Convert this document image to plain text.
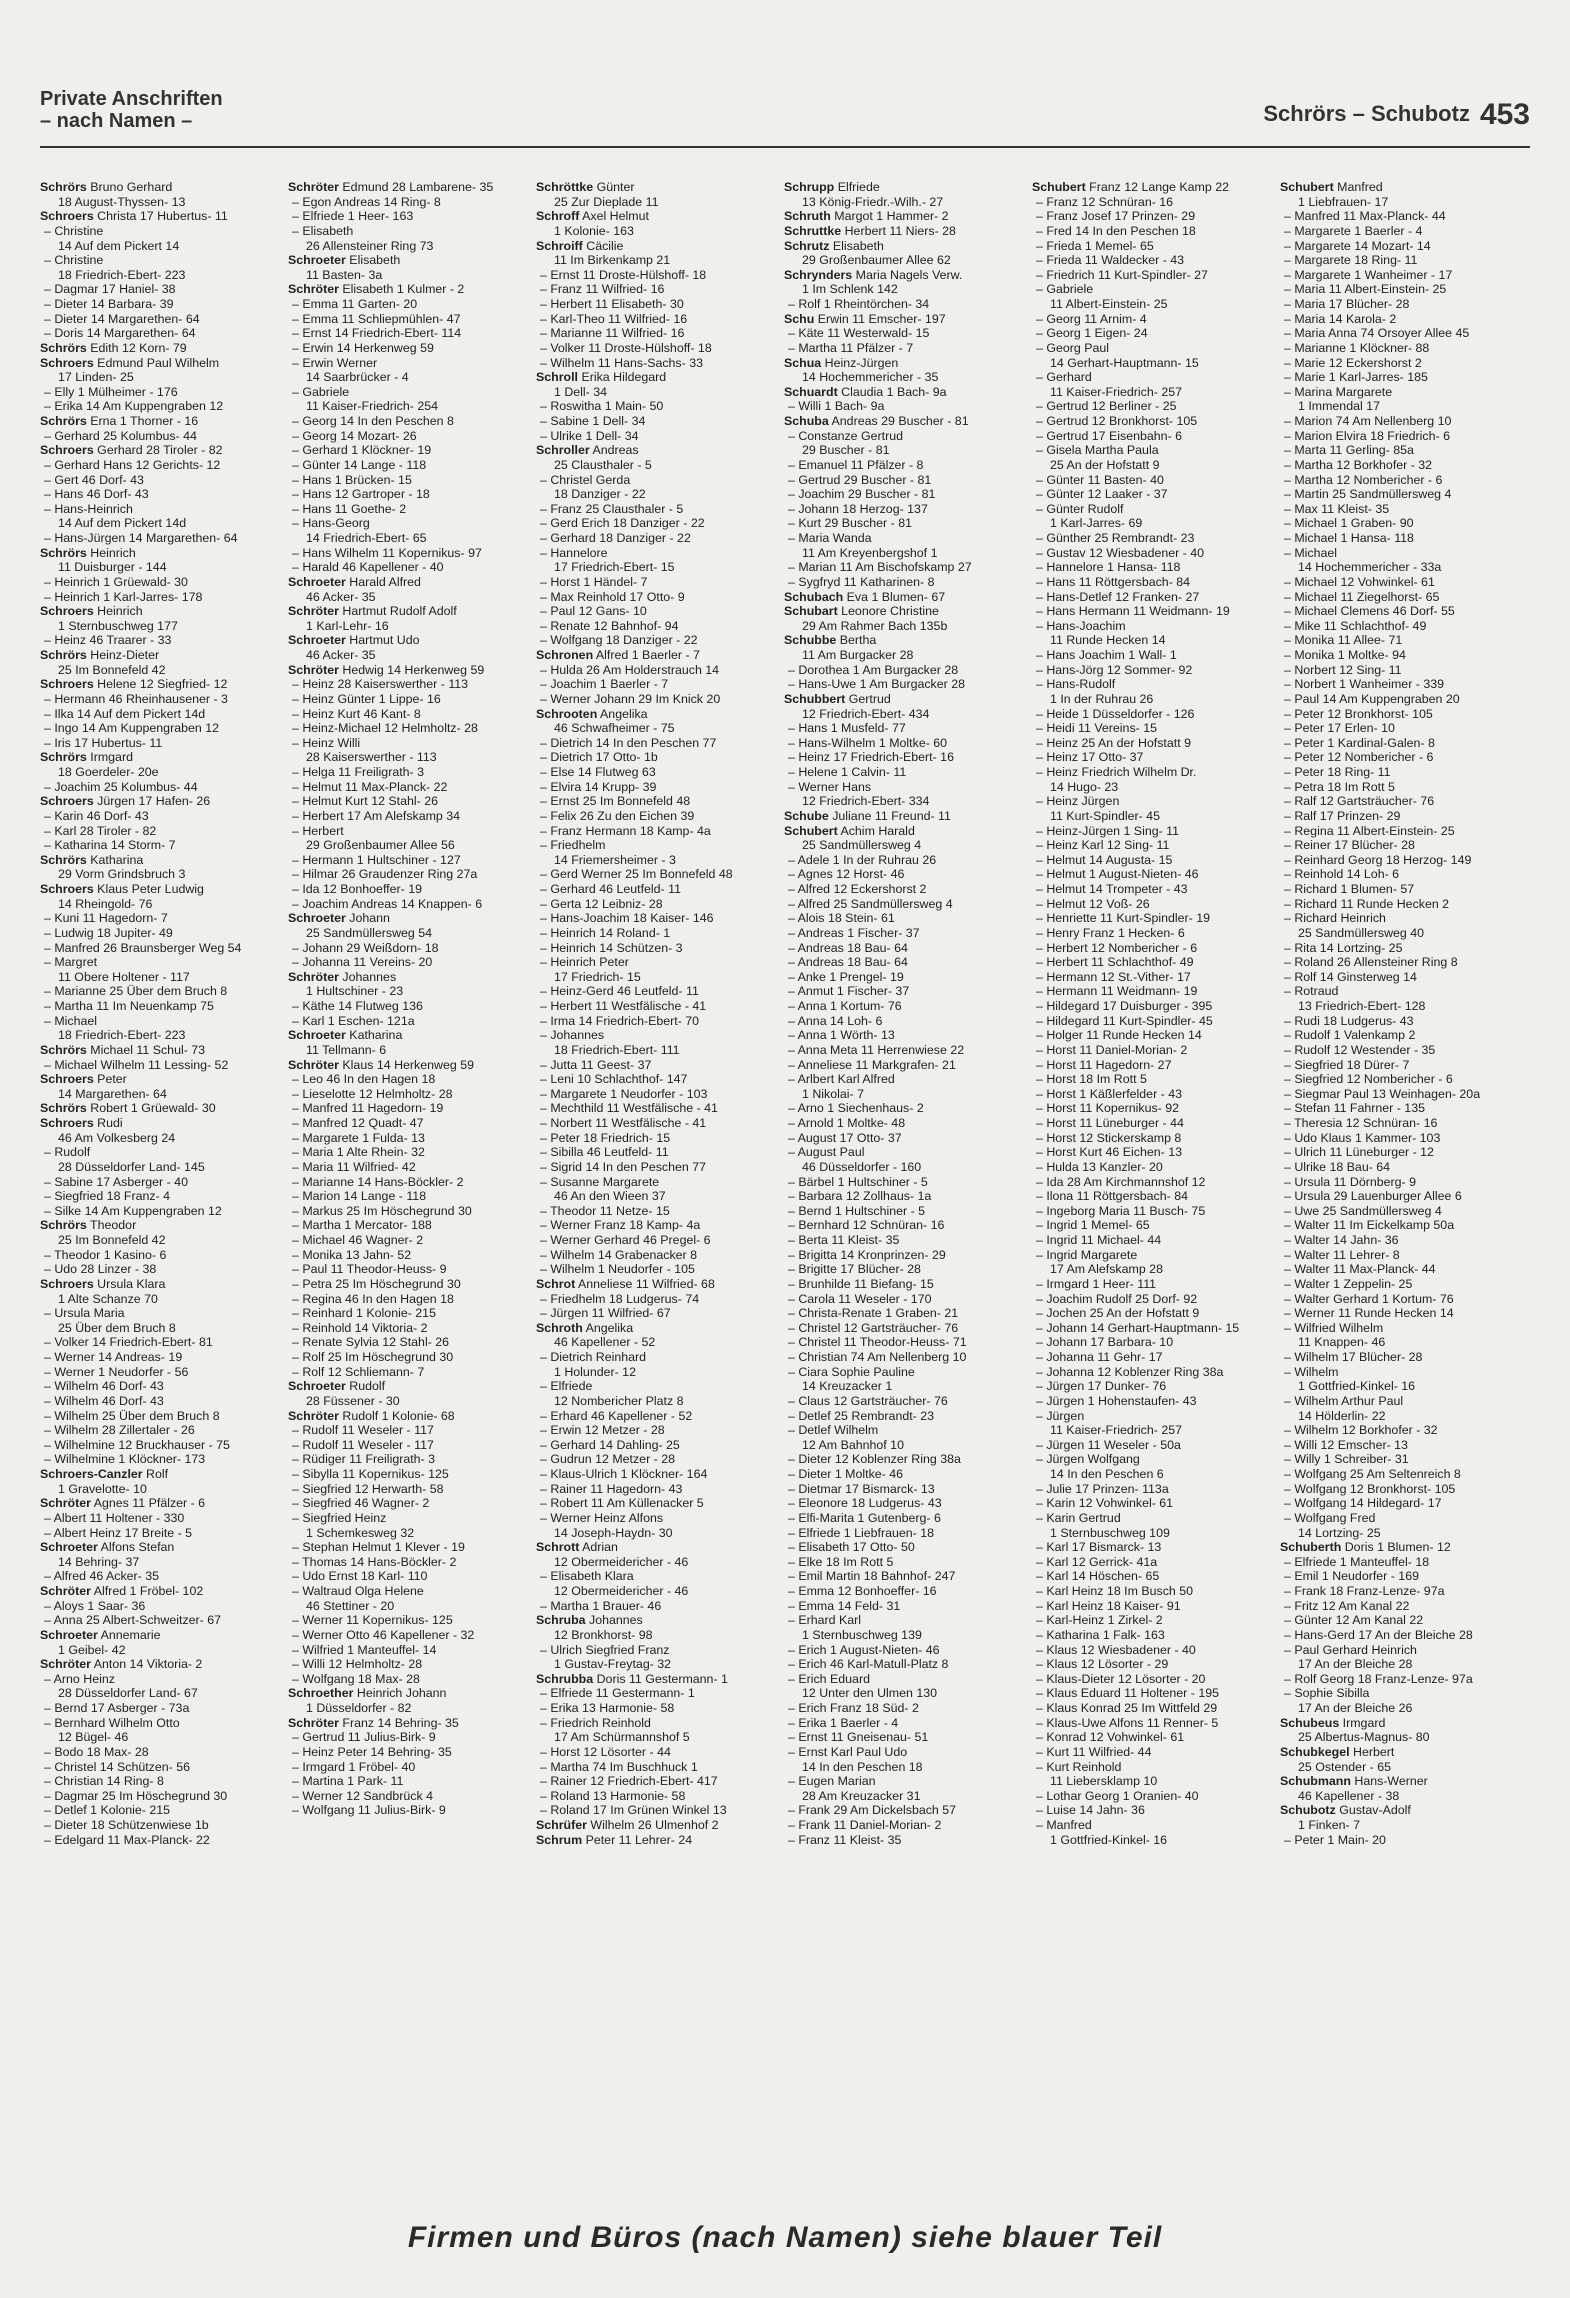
Private Anschriften
– nach Namen –	Schrörs – Schubotz 453
Schrörs Bruno Gerhard
18 August-Thyssen- 13
Schroers Christa 17 Hubertus- 11
– Christine
14 Auf dem Pickert 14
– Christine
18 Friedrich-Ebert- 223
– Dagmar 17 Haniel- 38
– Dieter 14 Barbara- 39
– Dieter 14 Margarethen- 64
– Doris 14 Margarethen- 64
Schrörs Edith 12 Korn- 79
Schroers Edmund Paul Wilhelm
17 Linden- 25
– Elly 1 Mülheimer - 176
– Erika 14 Am Kuppengraben 12
Schrörs Erna 1 Thorner - 16
– Gerhard 25 Kolumbus- 44
Schroers Gerhard 28 Tiroler - 82
– Gerhard Hans 12 Gerichts- 12
– Gert 46 Dorf- 43
– Hans 46 Dorf- 43
– Hans-Heinrich
14 Auf dem Pickert 14d
– Hans-Jürgen 14 Margarethen- 64
Schrörs Heinrich
11 Duisburger - 144
– Heinrich 1 Grüewald- 30
– Heinrich 1 Karl-Jarres- 178
Schroers Heinrich
1 Sternbuschweg 177
– Heinz 46 Traarer - 33
Schrörs Heinz-Dieter
25 Im Bonnefeld 42
Schroers Helene 12 Siegfried- 12
– Hermann 46 Rheinhausener - 3
– Ilka 14 Auf dem Pickert 14d
– Ingo 14 Am Kuppengraben 12
– Iris 17 Hubertus- 11
Schrörs Irmgard
18 Goerdeler- 20e
– Joachim 25 Kolumbus- 44
Schroers Jürgen 17 Hafen- 26
– Karin 46 Dorf- 43
– Karl 28 Tiroler - 82
– Katharina 14 Storm- 7
Schrörs Katharina
29 Vorm Grindsbruch 3
Schroers Klaus Peter Ludwig
14 Rheingold- 76
– Kuni 11 Hagedorn- 7
– Ludwig 18 Jupiter- 49
– Manfred 26 Braunsberger Weg 54
– Margret
11 Obere Holtener - 117
– Marianne 25 Über dem Bruch 8
– Martha 11 Im Neuenkamp 75
– Michael
18 Friedrich-Ebert- 223
Schrörs Michael 11 Schul- 73
– Michael Wilhelm 11 Lessing- 52
Schroers Peter
14 Margarethen- 64
Schrörs Robert 1 Grüewald- 30
Schroers Rudi
46 Am Volkesberg 24
– Rudolf
28 Düsseldorfer Land- 145
– Sabine 17 Asberger - 40
– Siegfried 18 Franz- 4
– Silke 14 Am Kuppengraben 12
Schrörs Theodor
25 Im Bonnefeld 42
– Theodor 1 Kasino- 6
– Udo 28 Linzer - 38
Schroers Ursula Klara
1 Alte Schanze 70
– Ursula Maria
25 Über dem Bruch 8
– Volker 14 Friedrich-Ebert- 81
– Werner 14 Andreas- 19
– Werner 1 Neudorfer - 56
– Wilhelm 46 Dorf- 43
– Wilhelm 46 Dorf- 43
– Wilhelm 25 Über dem Bruch 8
– Wilhelm 28 Zillertaler - 26
– Wilhelmine 12 Bruckhauser - 75
– Wilhelmine 1 Klöckner- 173
Schroers-Canzler Rolf
1 Gravelotte- 10
Schröter Agnes 11 Pfälzer - 6
– Albert 11 Holtener - 330
– Albert Heinz 17 Breite - 5
Schroeter Alfons Stefan
14 Behring- 37
– Alfred 46 Acker- 35
Schröter Alfred 1 Fröbel- 102
– Aloys 1 Saar- 36
– Anna 25 Albert-Schweitzer- 67
Schroeter Annemarie
1 Geibel- 42
Schröter Anton 14 Viktoria- 2
– Arno Heinz
28 Düsseldorfer Land- 67
– Bernd 17 Asberger - 73a
– Bernhard Wilhelm Otto
12 Bügel- 46
– Bodo 18 Max- 28
– Christel 14 Schützen- 56
– Christian 14 Ring- 8
– Dagmar 25 Im Höschegrund 30
– Detlef 1 Kolonie- 215
– Dieter 18 Schützenwiese 1b
– Edelgard 11 Max-Planck- 22
Schröter Edmund 28 Lambarene- 35
– Egon Andreas 14 Ring- 8
– Elfriede 1 Heer- 163
– Elisabeth
26 Allensteiner Ring 73
Schroeter Elisabeth
11 Basten- 3a
Schröter Elisabeth 1 Kulmer - 2
– Emma 11 Garten- 20
– Emma 11 Schliepmühlen- 47
– Ernst 14 Friedrich-Ebert- 114
– Erwin 14 Herkenweg 59
– Erwin Werner
14 Saarbrücker - 4
– Gabriele
11 Kaiser-Friedrich- 254
– Georg 14 In den Peschen 8
– Georg 14 Mozart- 26
– Gerhard 1 Klöckner- 19
– Günter 14 Lange - 118
– Hans 1 Brücken- 15
– Hans 12 Gartroper - 18
– Hans 11 Goethe- 2
– Hans-Georg
14 Friedrich-Ebert- 65
– Hans Wilhelm 11 Kopernikus- 97
– Harald 46 Kapellener - 40
Schroeter Harald Alfred
46 Acker- 35
Schröter Hartmut Rudolf Adolf
1 Karl-Lehr- 16
Schroeter Hartmut Udo
46 Acker- 35
Schröter Hedwig 14 Herkenweg 59
– Heinz 28 Kaiserswerther - 113
– Heinz Günter 1 Lippe- 16
– Heinz Kurt 46 Kant- 8
– Heinz-Michael 12 Helmholtz- 28
– Heinz Willi
28 Kaiserswerther - 113
– Helga 11 Freiligrath- 3
– Helmut 11 Max-Planck- 22
– Helmut Kurt 12 Stahl- 26
– Herbert 17 Am Alefskamp 34
– Herbert
29 Großenbaumer Allee 56
– Hermann 1 Hultschiner - 127
– Hilmar 26 Graudenzer Ring 27a
– Ida 12 Bonhoeffer- 19
– Joachim Andreas 14 Knappen- 6
Schroeter Johann
25 Sandmüllersweg 54
– Johann 29 Weißdorn- 18
– Johanna 11 Vereins- 20
Schröter Johannes
1 Hultschiner - 23
– Käthe 14 Flutweg 136
– Karl 1 Eschen- 121a
Schroeter Katharina
11 Tellmann- 6
Schröter Klaus 14 Herkenweg 59
– Leo 46 In den Hagen 18
– Lieselotte 12 Helmholtz- 28
– Manfred 11 Hagedorn- 19
– Manfred 12 Quadt- 47
– Margarete 1 Fulda- 13
– Maria 1 Alte Rhein- 32
– Maria 11 Wilfried- 42
– Marianne 14 Hans-Böckler- 2
– Marion 14 Lange - 118
– Markus 25 Im Höschegrund 30
– Martha 1 Mercator- 188
– Michael 46 Wagner- 2
– Monika 13 Jahn- 52
– Paul 11 Theodor-Heuss- 9
– Petra 25 Im Höschegrund 30
– Regina 46 In den Hagen 18
– Reinhard 1 Kolonie- 215
– Reinhold 14 Viktoria- 2
– Renate Sylvia 12 Stahl- 26
– Rolf 25 Im Höschegrund 30
– Rolf 12 Schliemann- 7
Schroeter Rudolf
28 Füssener - 30
Schröter Rudolf 1 Kolonie- 68
– Rudolf 11 Weseler - 117
– Rudolf 11 Weseler - 117
– Rüdiger 11 Freiligrath- 3
– Sibylla 11 Kopernikus- 125
– Siegfried 12 Herwarth- 58
– Siegfried 46 Wagner- 2
– Siegfried Heinz
1 Schemkesweg 32
– Stephan Helmut 1 Klever - 19
– Thomas 14 Hans-Böckler- 2
– Udo Ernst 18 Karl- 110
– Waltraud Olga Helene
46 Stettiner - 20
– Werner 11 Kopernikus- 125
– Werner Otto 46 Kapellener - 32
– Wilfried 1 Manteuffel- 14
– Willi 12 Helmholtz- 28
– Wolfgang 18 Max- 28
Schroether Heinrich Johann
1 Düsseldorfer - 82
Schröter Franz 14 Behring- 35
– Gertrud 11 Julius-Birk- 9
– Heinz Peter 14 Behring- 35
– Irmgard 1 Fröbel- 40
– Martina 1 Park- 11
– Werner 12 Sandbrück 4
– Wolfgang 11 Julius-Birk- 9
Schröttke Günter
25 Zur Dieplade 11
Schroff Axel Helmut
1 Kolonie- 163
Schroiff Cäcilie
11 Im Birkenkamp 21
– Ernst 11 Droste-Hülshoff- 18
– Franz 11 Wilfried- 16
– Herbert 11 Elisabeth- 30
– Karl-Theo 11 Wilfried- 16
– Marianne 11 Wilfried- 16
– Volker 11 Droste-Hülshoff- 18
– Wilhelm 11 Hans-Sachs- 33
Schroll Erika Hildegard
1 Dell- 34
– Roswitha 1 Main- 50
– Sabine 1 Dell- 34
– Ulrike 1 Dell- 34
Schroller Andreas
25 Clausthaler - 5
– Christel Gerda
18 Danziger - 22
– Franz 25 Clausthaler - 5
– Gerd Erich 18 Danziger - 22
– Gerhard 18 Danziger - 22
– Hannelore
17 Friedrich-Ebert- 15
– Horst 1 Händel- 7
– Max Reinhold 17 Otto- 9
– Paul 12 Gans- 10
– Renate 12 Bahnhof- 94
– Wolfgang 18 Danziger - 22
Schronen Alfred 1 Baerler - 7
– Hulda 26 Am Holderstrauch 14
– Joachim 1 Baerler - 7
– Werner Johann 29 Im Knick 20
Schrooten Angelika
46 Schwafheimer - 75
– Dietrich 14 In den Peschen 77
– Dietrich 17 Otto- 1b
– Else 14 Flutweg 63
– Elvira 14 Krupp- 39
– Ernst 25 Im Bonnefeld 48
– Felix 26 Zu den Eichen 39
– Franz Hermann 18 Kamp- 4a
– Friedhelm
14 Friemersheimer - 3
– Gerd Werner 25 Im Bonnefeld 48
– Gerhard 46 Leutfeld- 11
– Gerta 12 Leibniz- 28
– Hans-Joachim 18 Kaiser- 146
– Heinrich 14 Roland- 1
– Heinrich 14 Schützen- 3
– Heinrich Peter
17 Friedrich- 15
– Heinz-Gerd 46 Leutfeld- 11
– Herbert 11 Westfälische - 41
– Irma 14 Friedrich-Ebert- 70
– Johannes
18 Friedrich-Ebert- 111
– Jutta 11 Geest- 37
– Leni 10 Schlachthof- 147
– Margarete 1 Neudorfer - 103
– Mechthild 11 Westfälische - 41
– Norbert 11 Westfälische - 41
– Peter 18 Friedrich- 15
– Sibilla 46 Leutfeld- 11
– Sigrid 14 In den Peschen 77
– Susanne Margarete
46 An den Wieen 37
– Theodor 11 Netze- 15
– Werner Franz 18 Kamp- 4a
– Werner Gerhard 46 Pregel- 6
– Wilhelm 14 Grabenacker 8
– Wilhelm 1 Neudorfer - 105
Schrot Anneliese 11 Wilfried- 68
– Friedhelm 18 Ludgerus- 74
– Jürgen 11 Wilfried- 67
Schroth Angelika
46 Kapellener - 52
– Dietrich Reinhard
1 Holunder- 12
– Elfriede
12 Nombericher Platz 8
– Erhard 46 Kapellener - 52
– Erwin 12 Metzer - 28
– Gerhard 14 Dahling- 25
– Gudrun 12 Metzer - 28
– Klaus-Ulrich 1 Klöckner- 164
– Rainer 11 Hagedorn- 43
– Robert 11 Am Küllenacker 5
– Werner Heinz Alfons
14 Joseph-Haydn- 30
Schrott Adrian
12 Obermeidericher - 46
– Elisabeth Klara
12 Obermeidericher - 46
– Martha 1 Brauer- 46
Schruba Johannes
12 Bronkhorst- 98
– Ulrich Siegfried Franz
1 Gustav-Freytag- 32
Schrubba Doris 11 Gestermann- 1
– Elfriede 11 Gestermann- 1
– Erika 13 Harmonie- 58
– Friedrich Reinhold
17 Am Schürmannshof 5
– Horst 12 Lösorter - 44
– Martha 74 Im Buschhuck 1
– Rainer 12 Friedrich-Ebert- 417
– Roland 13 Harmonie- 58
– Roland 17 Im Grünen Winkel 13
Schrüfer Wilhelm 26 Ulmenhof 2
Schrum Peter 11 Lehrer- 24
Schrupp Elfriede
13 König-Friedr.-Wilh.- 27
Schruth Margot 1 Hammer- 2
Schruttke Herbert 11 Niers- 28
Schrutz Elisabeth
29 Großenbaumer Allee 62
Schrynders Maria Nagels Verw.
1 Im Schlenk 142
– Rolf 1 Rheintörchen- 34
Schu Erwin 11 Emscher- 197
– Käte 11 Westerwald- 15
– Martha 11 Pfälzer - 7
Schua Heinz-Jürgen
14 Hochemmericher - 35
Schuardt Claudia 1 Bach- 9a
– Willi 1 Bach- 9a
Schuba Andreas 29 Buscher - 81
– Constanze Gertrud
29 Buscher - 81
– Emanuel 11 Pfälzer - 8
– Gertrud 29 Buscher - 81
– Joachim 29 Buscher - 81
– Johann 18 Herzog- 137
– Kurt 29 Buscher - 81
– Maria Wanda
11 Am Kreyenbergshof 1
– Marian 11 Am Bischofskamp 27
– Sygfryd 11 Katharinen- 8
Schubach Eva 1 Blumen- 67
Schubart Leonore Christine
29 Am Rahmer Bach 135b
Schubbe Bertha
11 Am Burgacker 28
– Dorothea 1 Am Burgacker 28
– Hans-Uwe 1 Am Burgacker 28
Schubbert Gertrud
12 Friedrich-Ebert- 434
– Hans 1 Musfeld- 77
– Hans-Wilhelm 1 Moltke- 60
– Heinz 17 Friedrich-Ebert- 16
– Helene 1 Calvin- 11
– Werner Hans
12 Friedrich-Ebert- 334
Schube Juliane 11 Freund- 11
Schubert Achim Harald
25 Sandmüllersweg 4
– Adele 1 In der Ruhrau 26
– Agnes 12 Horst- 46
– Alfred 12 Eckershorst 2
– Alfred 25 Sandmüllersweg 4
– Alois 18 Stein- 61
– Andreas 1 Fischer- 37
– Andreas 18 Bau- 64
– Andreas 18 Bau- 64
– Anke 1 Prengel- 19
– Anmut 1 Fischer- 37
– Anna 1 Kortum- 76
– Anna 14 Loh- 6
– Anna 1 Wörth- 13
– Anna Meta 11 Herrenwiese 22
– Anneliese 11 Markgrafen- 21
– Arlbert Karl Alfred
1 Nikolai- 7
– Arno 1 Siechenhaus- 2
– Arnold 1 Moltke- 48
– August 17 Otto- 37
– August Paul
46 Düsseldorfer - 160
– Bärbel 1 Hultschiner - 5
– Barbara 12 Zollhaus- 1a
– Bernd 1 Hultschiner - 5
– Bernhard 12 Schnüran- 16
– Berta 11 Kleist- 35
– Brigitta 14 Kronprinzen- 29
– Brigitte 17 Blücher- 28
– Brunhilde 11 Biefang- 15
– Carola 11 Weseler - 170
– Christa-Renate 1 Graben- 21
– Christel 12 Gartsträucher- 76
– Christel 11 Theodor-Heuss- 71
– Christian 74 Am Nellenberg 10
– Ciara Sophie Pauline
14 Kreuzacker 1
– Claus 12 Gartsträucher- 76
– Detlef 25 Rembrandt- 23
– Detlef Wilhelm
12 Am Bahnhof 10
– Dieter 12 Koblenzer Ring 38a
– Dieter 1 Moltke- 46
– Dietmar 17 Bismarck- 13
– Eleonore 18 Ludgerus- 43
– Elfi-Marita 1 Gutenberg- 6
– Elfriede 1 Liebfrauen- 18
– Elisabeth 17 Otto- 50
– Elke 18 Im Rott 5
– Emil Martin 18 Bahnhof- 247
– Emma 12 Bonhoeffer- 16
– Emma 14 Feld- 31
– Erhard Karl
1 Sternbuschweg 139
– Erich 1 August-Nieten- 46
– Erich 46 Karl-Matull-Platz 8
– Erich Eduard
12 Unter den Ulmen 130
– Erich Franz 18 Süd- 2
– Erika 1 Baerler - 4
– Ernst 11 Gneisenau- 51
– Ernst Karl Paul Udo
14 In den Peschen 18
– Eugen Marian
28 Am Kreuzacker 31
– Frank 29 Am Dickelsbach 57
– Frank 11 Daniel-Morian- 2
– Franz 11 Kleist- 35
Schubert Franz 12 Lange Kamp 22
– Franz 12 Schnüran- 16
– Franz Josef 17 Prinzen- 29
– Fred 14 In den Peschen 18
– Frieda 1 Memel- 65
– Frieda 11 Waldecker - 43
– Friedrich 11 Kurt-Spindler- 27
– Gabriele
11 Albert-Einstein- 25
– Georg 11 Arnim- 4
– Georg 1 Eigen- 24
– Georg Paul
14 Gerhart-Hauptmann- 15
– Gerhard
11 Kaiser-Friedrich- 257
– Gertrud 12 Berliner - 25
– Gertrud 12 Bronkhorst- 105
– Gertrud 17 Eisenbahn- 6
– Gisela Martha Paula
25 An der Hofstatt 9
– Günter 11 Basten- 40
– Günter 12 Laaker - 37
– Günter Rudolf
1 Karl-Jarres- 69
– Günther 25 Rembrandt- 23
– Gustav 12 Wiesbadener - 40
– Hannelore 1 Hansa- 118
– Hans 11 Röttgersbach- 84
– Hans-Detlef 12 Franken- 27
– Hans Hermann 11 Weidmann- 19
– Hans-Joachim
11 Runde Hecken 14
– Hans Joachim 1 Wall- 1
– Hans-Jörg 12 Sommer- 92
– Hans-Rudolf
1 In der Ruhrau 26
– Heide 1 Düsseldorfer - 126
– Heidi 11 Vereins- 15
– Heinz 25 An der Hofstatt 9
– Heinz 17 Otto- 37
– Heinz Friedrich Wilhelm Dr.
14 Hugo- 23
– Heinz Jürgen
11 Kurt-Spindler- 45
– Heinz-Jürgen 1 Sing- 11
– Heinz Karl 12 Sing- 11
– Helmut 14 Augusta- 15
– Helmut 1 August-Nieten- 46
– Helmut 14 Trompeter - 43
– Helmut 12 Voß- 26
– Henriette 11 Kurt-Spindler- 19
– Henry Franz 1 Hecken- 6
– Herbert 12 Nombericher - 6
– Herbert 11 Schlachthof- 49
– Hermann 12 St.-Vither- 17
– Hermann 11 Weidmann- 19
– Hildegard 17 Duisburger - 395
– Hildegard 11 Kurt-Spindler- 45
– Holger 11 Runde Hecken 14
– Horst 11 Daniel-Morian- 2
– Horst 11 Hagedorn- 27
– Horst 18 Im Rott 5
– Horst 1 Käßlerfelder - 43
– Horst 11 Kopernikus- 92
– Horst 11 Lüneburger - 44
– Horst 12 Stickerskamp 8
– Horst Kurt 46 Eichen- 13
– Hulda 13 Kanzler- 20
– Ida 28 Am Kirchmannshof 12
– Ilona 11 Röttgersbach- 84
– Ingeborg Maria 11 Busch- 75
– Ingrid 1 Memel- 65
– Ingrid 11 Michael- 44
– Ingrid Margarete
17 Am Alefskamp 28
– Irmgard 1 Heer- 111
– Joachim Rudolf 25 Dorf- 92
– Jochen 25 An der Hofstatt 9
– Johann 14 Gerhart-Hauptmann- 15
– Johann 17 Barbara- 10
– Johanna 11 Gehr- 17
– Johanna 12 Koblenzer Ring 38a
– Jürgen 17 Dunker- 76
– Jürgen 1 Hohenstaufen- 43
– Jürgen
11 Kaiser-Friedrich- 257
– Jürgen 11 Weseler - 50a
– Jürgen Wolfgang
14 In den Peschen 6
– Julie 17 Prinzen- 113a
– Karin 12 Vohwinkel- 61
– Karin Gertrud
1 Sternbuschweg 109
– Karl 17 Bismarck- 13
– Karl 12 Gerrick- 41a
– Karl 14 Höschen- 65
– Karl Heinz 18 Im Busch 50
– Karl Heinz 18 Kaiser- 91
– Karl-Heinz 1 Zirkel- 2
– Katharina 1 Falk- 163
– Klaus 12 Wiesbadener - 40
– Klaus 12 Lösorter - 29
– Klaus-Dieter 12 Lösorter - 20
– Klaus Eduard 11 Holtener - 195
– Klaus Konrad 25 Im Wittfeld 29
– Klaus-Uwe Alfons 11 Renner- 5
– Konrad 12 Vohwinkel- 61
– Kurt 11 Wilfried- 44
– Kurt Reinhold
11 Liebersklamp 10
– Lothar Georg 1 Oranien- 40
– Luise 14 Jahn- 36
– Manfred
1 Gottfried-Kinkel- 16
Schubert Manfred
1 Liebfrauen- 17
– Manfred 11 Max-Planck- 44
– Margarete 1 Baerler - 4
– Margarete 14 Mozart- 14
– Margarete 18 Ring- 11
– Margarete 1 Wanheimer - 17
– Maria 11 Albert-Einstein- 25
– Maria 17 Blücher- 28
– Maria 14 Karola- 2
– Maria Anna 74 Orsoyer Allee 45
– Marianne 1 Klöckner- 88
– Marie 12 Eckershorst 2
– Marie 1 Karl-Jarres- 185
– Marina Margarete
1 Immendal 17
– Marion 74 Am Nellenberg 10
– Marion Elvira 18 Friedrich- 6
– Marta 11 Gerling- 85a
– Martha 12 Borkhofer - 32
– Martha 12 Nombericher - 6
– Martin 25 Sandmüllersweg 4
– Max 11 Kleist- 35
– Michael 1 Graben- 90
– Michael 1 Hansa- 118
– Michael
14 Hochemmericher - 33a
– Michael 12 Vohwinkel- 61
– Michael 11 Ziegelhorst- 65
– Michael Clemens 46 Dorf- 55
– Mike 11 Schlachthof- 49
– Monika 11 Allee- 71
– Monika 1 Moltke- 94
– Norbert 12 Sing- 11
– Norbert 1 Wanheimer - 339
– Paul 14 Am Kuppengraben 20
– Peter 12 Bronkhorst- 105
– Peter 17 Erlen- 10
– Peter 1 Kardinal-Galen- 8
– Peter 12 Nombericher - 6
– Peter 18 Ring- 11
– Petra 18 Im Rott 5
– Ralf 12 Gartsträucher- 76
– Ralf 17 Prinzen- 29
– Regina 11 Albert-Einstein- 25
– Reiner 17 Blücher- 28
– Reinhard Georg 18 Herzog- 149
– Reinhold 14 Loh- 6
– Richard 1 Blumen- 57
– Richard 11 Runde Hecken 2
– Richard Heinrich
25 Sandmüllersweg 40
– Rita 14 Lortzing- 25
– Roland 26 Allensteiner Ring 8
– Rolf 14 Ginsterweg 14
– Rotraud
13 Friedrich-Ebert- 128
– Rudi 18 Ludgerus- 43
– Rudolf 1 Valenkamp 2
– Rudolf 12 Westender - 35
– Siegfried 18 Dürer- 7
– Siegfried 12 Nombericher - 6
– Siegmar Paul 13 Weinhagen- 20a
– Stefan 11 Fahrner - 135
– Theresia 12 Schnüran- 16
– Udo Klaus 1 Kammer- 103
– Ulrich 11 Lüneburger - 12
– Ulrike 18 Bau- 64
– Ursula 11 Dörnberg- 9
– Ursula 29 Lauenburger Allee 6
– Uwe 25 Sandmüllersweg 4
– Walter 11 Im Eickelkamp 50a
– Walter 14 Jahn- 36
– Walter 11 Lehrer- 8
– Walter 11 Max-Planck- 44
– Walter 1 Zeppelin- 25
– Walter Gerhard 1 Kortum- 76
– Werner 11 Runde Hecken 14
– Wilfried Wilhelm
11 Knappen- 46
– Wilhelm 17 Blücher- 28
– Wilhelm
1 Gottfried-Kinkel- 16
– Wilhelm Arthur Paul
14 Hölderlin- 22
– Wilhelm 12 Borkhofer - 32
– Willi 12 Emscher- 13
– Willy 1 Schreiber- 31
– Wolfgang 25 Am Seltenreich 8
– Wolfgang 12 Bronkhorst- 105
– Wolfgang 14 Hildegard- 17
– Wolfgang Fred
14 Lortzing- 25
Schuberth Doris 1 Blumen- 12
– Elfriede 1 Manteuffel- 18
– Emil 1 Neudorfer - 169
– Frank 18 Franz-Lenze- 97a
– Fritz 12 Am Kanal 22
– Günter 12 Am Kanal 22
– Hans-Gerd 17 An der Bleiche 28
– Paul Gerhard Heinrich
17 An der Bleiche 28
– Rolf Georg 18 Franz-Lenze- 97a
– Sophie Sibilla
17 An der Bleiche 26
Schubeus Irmgard
25 Albertus-Magnus- 80
Schubkegel Herbert
25 Ostender - 65
Schubmann Hans-Werner
46 Kapellener - 38
Schubotz Gustav-Adolf
1 Finken- 7
– Peter 1 Main- 20
Firmen und Büros (nach Namen) siehe blauer Teil
